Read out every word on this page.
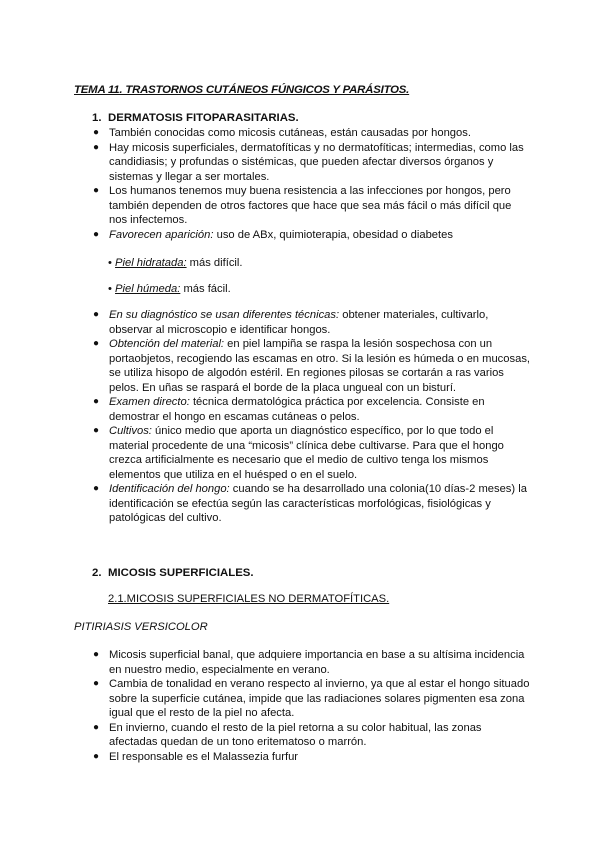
TEMA 11. TRASTORNOS CUTÁNEOS FÚNGICOS Y PARÁSITOS.
1. DERMATOSIS FITOPARASITARIAS.
● También conocidas como micosis cutáneas, están causadas por hongos.
● Hay micosis superficiales, dermatofíticas y no dermatofíticas; intermedias, como las candidiasis; y profundas o sistémicas, que pueden afectar diversos órganos y sistemas y llegar a ser mortales.
● Los humanos tenemos muy buena resistencia a las infecciones por hongos, pero también dependen de otros factores que hace que sea más fácil o más difícil que nos infectemos.
● Favorecen aparición: uso de ABx, quimioterapia, obesidad o diabetes
• Piel hidratada: más difícil.
• Piel húmeda: más fácil.
● En su diagnóstico se usan diferentes técnicas: obtener materiales, cultivarlo, observar al microscopio e identificar hongos.
● Obtención del material: en piel lampiña se raspa la lesión sospechosa con un portaobjetos, recogiendo las escamas en otro. Si la lesión es húmeda o en mucosas, se utiliza hisopo de algodón estéril. En regiones pilosas se cortarán a ras varios pelos. En uñas se raspará el borde de la placa ungueal con un bisturí.
● Examen directo: técnica dermatológica práctica por excelencia. Consiste en demostrar el hongo en escamas cutáneas o pelos.
● Cultivos: único medio que aporta un diagnóstico específico, por lo que todo el material procedente de una “micosis” clínica debe cultivarse. Para que el hongo crezca artificialmente es necesario que el medio de cultivo tenga los mismos elementos que utiliza en el huésped o en el suelo.
● Identificación del hongo: cuando se ha desarrollado una colonia(10 días-2 meses) la identificación se efectúa según las características morfológicas, fisiológicas y patológicas del cultivo.
2. MICOSIS SUPERFICIALES.
2.1.MICOSIS SUPERFICIALES NO DERMATOFÍTICAS.
PITIRIASIS VERSICOLOR
● Micosis superficial banal, que adquiere importancia en base a su altísima incidencia en nuestro medio, especialmente en verano.
● Cambia de tonalidad en verano respecto al invierno, ya que al estar el hongo situado sobre la superficie cutánea, impide que las radiaciones solares pigmenten esa zona igual que el resto de la piel no afecta.
● En invierno, cuando el resto de la piel retorna a su color habitual, las zonas afectadas quedan de un tono eritematoso o marrón.
● El responsable es el Malassezia furfur
